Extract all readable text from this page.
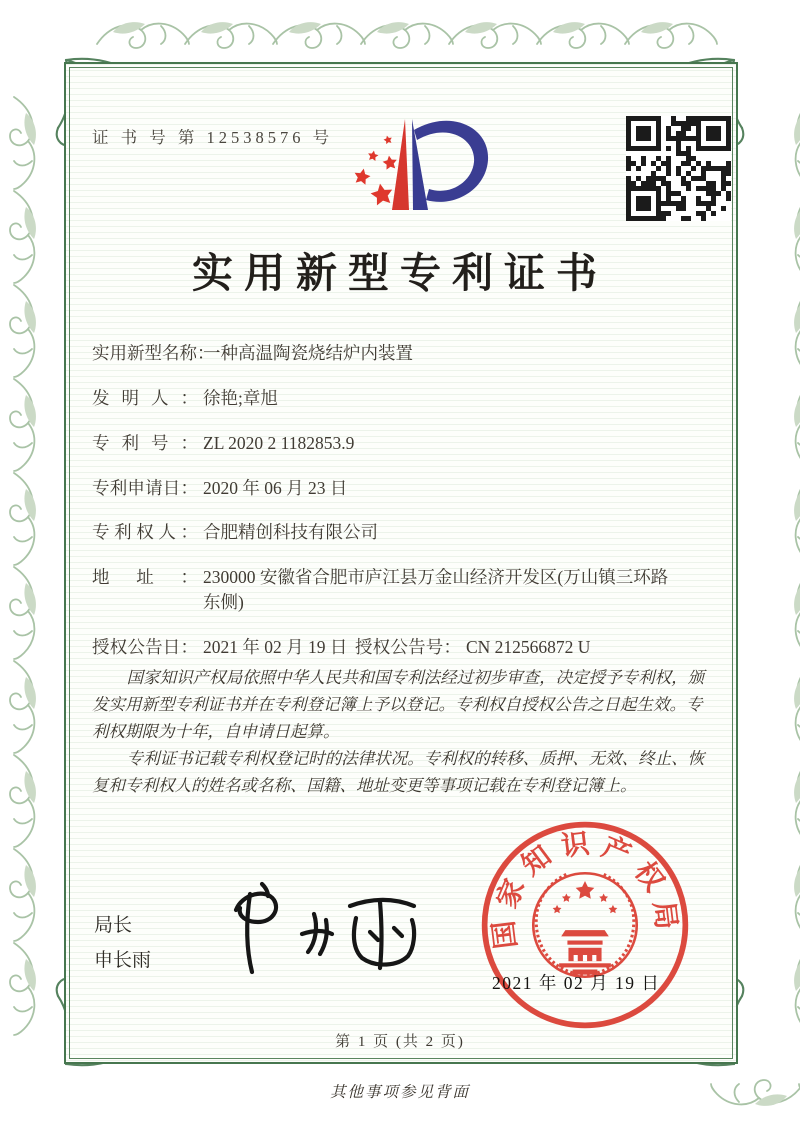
证 书 号 第 12538576 号
实用新型专利证书
实用新型名称：一种高温陶瓷烧结炉内装置
发明人： 徐艳;章旭
专利号： ZL 2020 2 1182853.9
专利申请日： 2020 年 06 月 23 日
专利权人： 合肥精创科技有限公司
地址： 230000 安徽省合肥市庐江县万金山经济开发区(万山镇三环路东侧)
授权公告日： 2021 年 02 月 19 日 授权公告号： CN 212566872 U

国家知识产权局依照中华人民共和国专利法经过初步审查，决定授予专利权，颁发实用新型专利证书并在专利登记簿上予以登记。专利权自授权公告之日起生效。专利权期限为十年，自申请日起算。

专利证书记载专利权登记时的法律状况。专利权的转移、质押、无效、终止、恢复和专利权人的姓名或名称、国籍、地址变更等事项记载在专利登记簿上。

局长
申长雨
国
家
知 识 产
权
局
2021 年 02 月 19 日
第 1 页 (共 2 页)
其他事项参见背面
